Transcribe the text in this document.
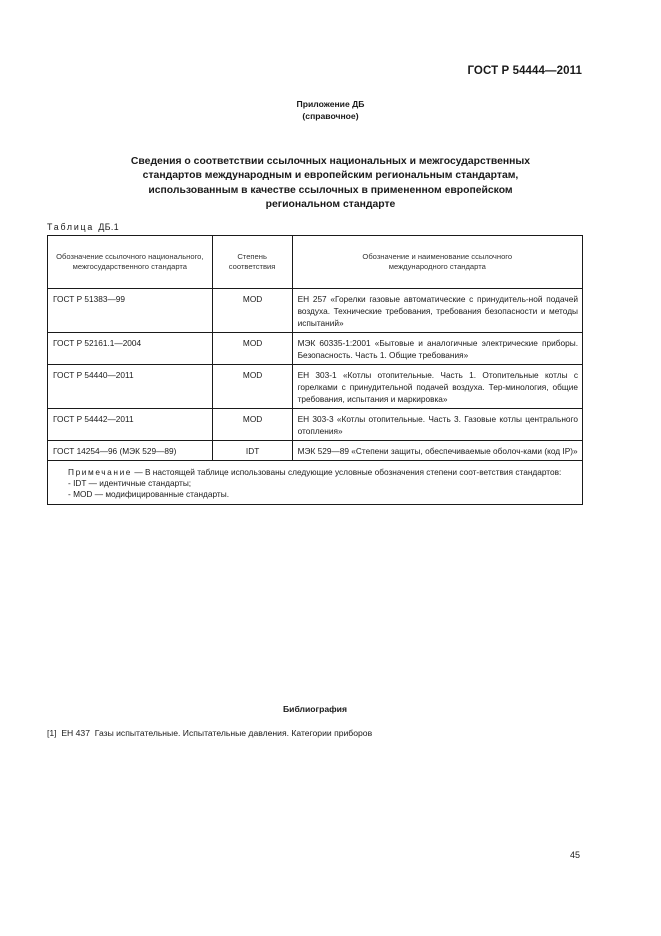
ГОСТ Р 54444—2011
Приложение ДБ
(справочное)
Сведения о соответствии ссылочных национальных и межгосударственных
стандартов международным и европейским региональным стандартам,
использованным в качестве ссылочных в примененном европейском
региональном стандарте
Таблица ДБ.1
Обозначение ссылочного национального, межгосударственного стандарта	Степень соответствия	Обозначение и наименование ссылочного международного стандарта
ГОСТ Р 51383—99	MOD	ЕН 257 «Горелки газовые автоматические с принудитель-ной подачей воздуха. Технические требования, требования безопасности и методы испытаний»
ГОСТ Р 52161.1—2004	MOD	МЭК 60335-1:2001 «Бытовые и аналогичные электрические приборы. Безопасность. Часть 1. Общие требования»
ГОСТ Р 54440—2011	MOD	ЕН 303-1 «Котлы отопительные. Часть 1. Отопительные котлы с горелками с принудительной подачей воздуха. Тер-минология, общие требования, испытания и маркировка»
ГОСТ Р 54442—2011	MOD	ЕН 303-3 «Котлы отопительные. Часть 3. Газовые котлы центрального отопления»
ГОСТ 14254—96 (МЭК 529—89)	IDT	МЭК 529—89 «Степени защиты, обеспечиваемые оболоч-ками (код IP)»
Примечание — В настоящей таблице использованы следующие условные обозначения степени соот-ветствия стандартов:
- IDT — идентичные стандарты;
- MOD — модифицированные стандарты.		
Библиография
[1]  ЕН 437  Газы испытательные. Испытательные давления. Категории приборов
45
